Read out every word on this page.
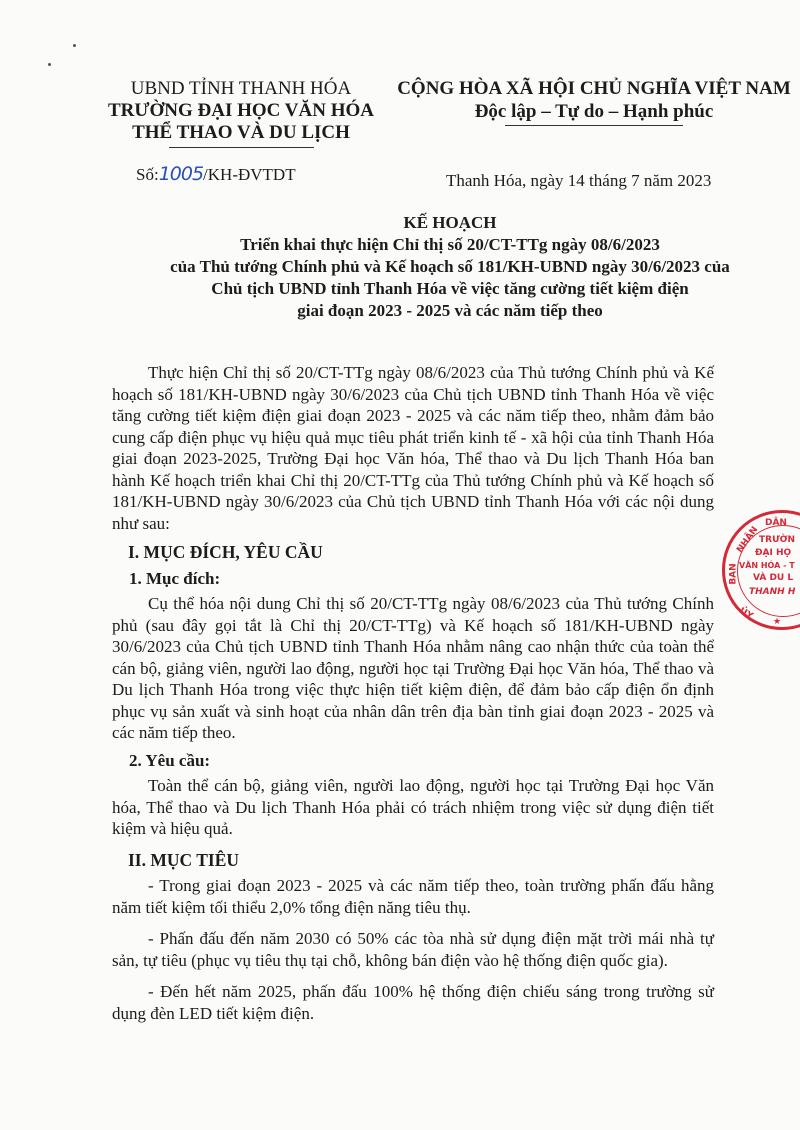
UBND TỈNH THANH HÓA
TRƯỜNG ĐẠI HỌC VĂN HÓA
THỂ THAO VÀ DU LỊCH
CỘNG HÒA XÃ HỘI CHỦ NGHĨA VIỆT NAM
Độc lập – Tự do – Hạnh phúc
Số:1005/KH-ĐVTDT	Thanh Hóa, ngày 14 tháng 7 năm 2023
KẾ HOẠCH
Triển khai thực hiện Chỉ thị số 20/CT-TTg ngày 08/6/2023
của Thủ tướng Chính phủ và Kế hoạch số 181/KH-UBND ngày 30/6/2023 của
Chủ tịch UBND tỉnh Thanh Hóa về việc tăng cường tiết kiệm điện
giai đoạn 2023 - 2025 và các năm tiếp theo

Thực hiện Chỉ thị số 20/CT-TTg ngày 08/6/2023 của Thủ tướng Chính phủ và Kế hoạch số 181/KH-UBND ngày 30/6/2023 của Chủ tịch UBND tỉnh Thanh Hóa về việc tăng cường tiết kiệm điện giai đoạn 2023 - 2025 và các năm tiếp theo, nhằm đảm bảo cung cấp điện phục vụ hiệu quả mục tiêu phát triển kinh tế - xã hội của tỉnh Thanh Hóa giai đoạn 2023-2025, Trường Đại học Văn hóa, Thể thao và Du lịch Thanh Hóa ban hành Kế hoạch triển khai Chỉ thị 20/CT-TTg của Thủ tướng Chính phủ và Kế hoạch số 181/KH-UBND ngày 30/6/2023 của Chủ tịch UBND tỉnh Thanh Hóa với các nội dung như sau:

I. MỤC ĐÍCH, YÊU CẦU
1. Mục đích:

Cụ thể hóa nội dung Chỉ thị số 20/CT-TTg ngày 08/6/2023 của Thủ tướng Chính phủ (sau đây gọi tắt là Chỉ thị 20/CT-TTg) và Kế hoạch số 181/KH-UBND ngày 30/6/2023 của Chủ tịch UBND tỉnh Thanh Hóa nhằm nâng cao nhận thức của toàn thể cán bộ, giảng viên, người lao động, người học tại Trường Đại học Văn hóa, Thể thao và Du lịch Thanh Hóa trong việc thực hiện tiết kiệm điện, để đảm bảo cấp điện ổn định phục vụ sản xuất và sinh hoạt của nhân dân trên địa bàn tỉnh giai đoạn 2023 - 2025 và các năm tiếp theo.

2. Yêu cầu:

Toàn thể cán bộ, giảng viên, người lao động, người học tại Trường Đại học Văn hóa, Thể thao và Du lịch Thanh Hóa phải có trách nhiệm trong việc sử dụng điện tiết kiệm và hiệu quả.

II. MỤC TIÊU

- Trong giai đoạn 2023 - 2025 và các năm tiếp theo, toàn trường phấn đấu hằng năm tiết kiệm tối thiểu 2,0% tổng điện năng tiêu thụ.

- Phấn đấu đến năm 2030 có 50% các tòa nhà sử dụng điện mặt trời mái nhà tự sản, tự tiêu (phục vụ tiêu thụ tại chỗ, không bán điện vào hệ thống điện quốc gia).

- Đến hết năm 2025, phấn đấu 100% hệ thống điện chiếu sáng trong trường sử dụng đèn LED tiết kiệm điện.

DÂN
NHÂN
BAN
TRƯỜN
ĐẠI HỌ
VĂN HÓA - T
VÀ DU L
THANH H
ỦY
★
